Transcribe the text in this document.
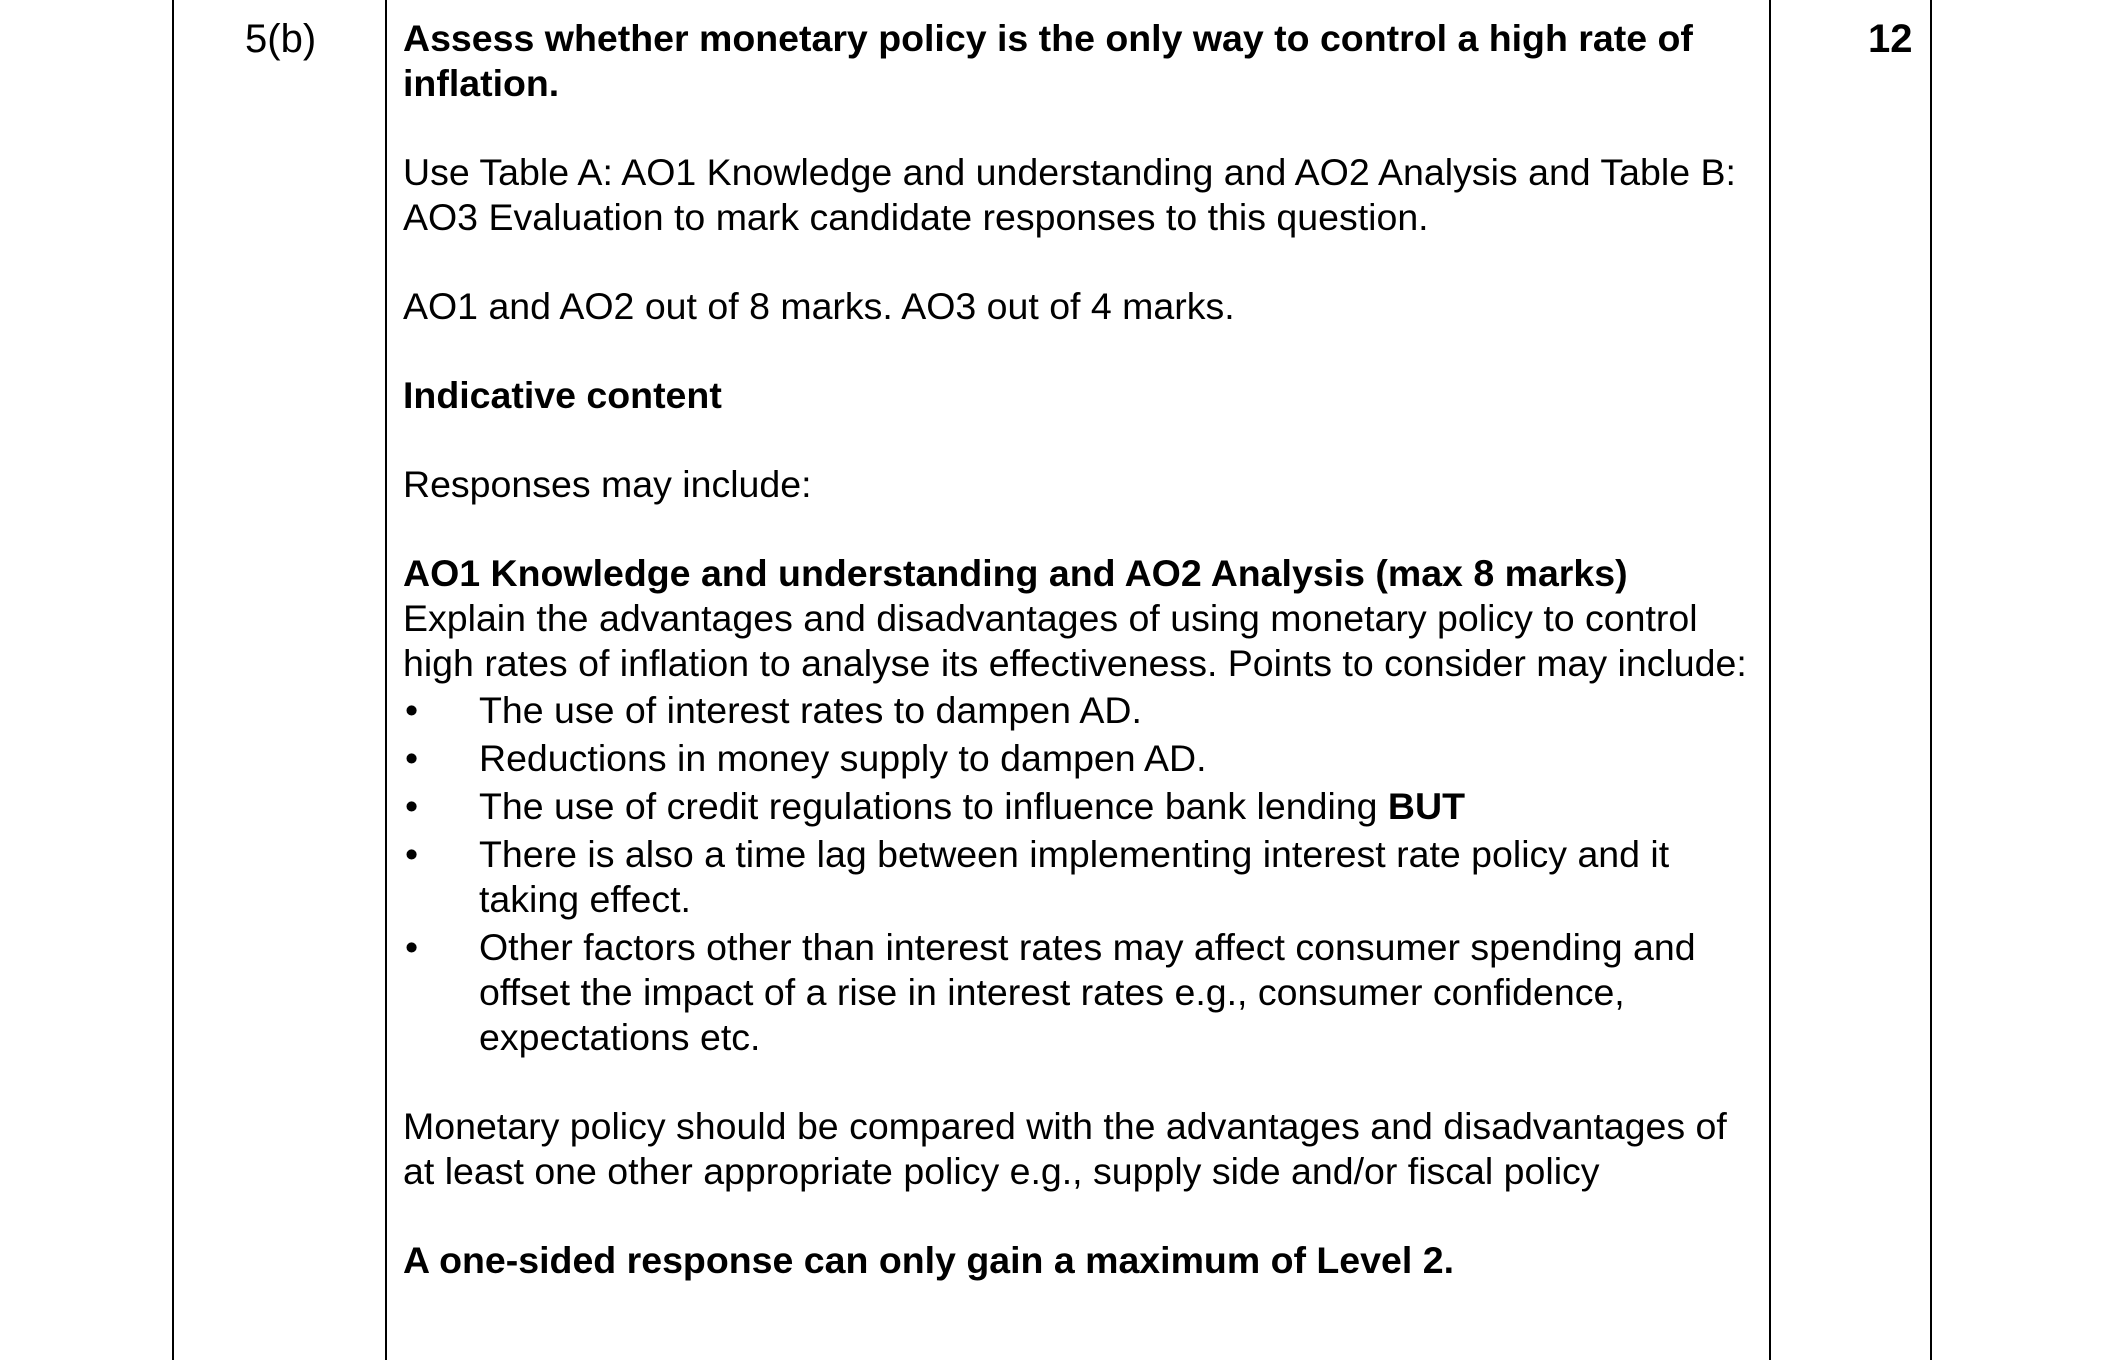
5(b) Assess whether monetary policy is the only way to control a high rate of inflation.

Use Table A: AO1 Knowledge and understanding and AO2 Analysis and Table B: AO3 Evaluation to mark candidate responses to this question.

AO1 and AO2 out of 8 marks. AO3 out of 4 marks.

Indicative content

Responses may include:

AO1 Knowledge and understanding and AO2 Analysis (max 8 marks)

Explain the advantages and disadvantages of using monetary policy to control high rates of inflation to analyse its effectiveness. Points to consider may include:

• The use of interest rates to dampen AD.
• Reductions in money supply to dampen AD.
• The use of credit regulations to influence bank lending BUT
• There is also a time lag between implementing interest rate policy and it taking effect.
• Other factors other than interest rates may affect consumer spending and offset the impact of a rise in interest rates e.g., consumer confidence, expectations etc.

Monetary policy should be compared with the advantages and disadvantages of at least one other appropriate policy e.g., supply side and/or fiscal policy

A one-sided response can only gain a maximum of Level 2.

12
